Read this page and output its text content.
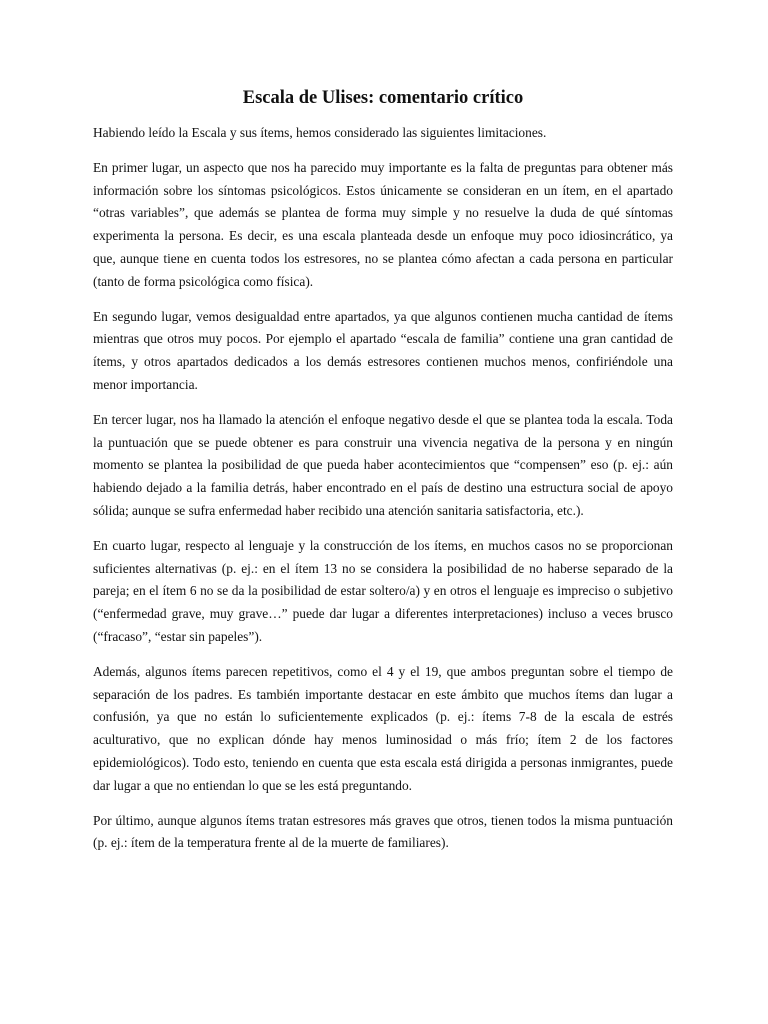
Escala de Ulises: comentario crítico

Habiendo leído la Escala y sus ítems, hemos considerado las siguientes limitaciones.

En primer lugar, un aspecto que nos ha parecido muy importante es la falta de preguntas para obtener más información sobre los síntomas psicológicos. Estos únicamente se consideran en un ítem, en el apartado “otras variables”, que además se plantea de forma muy simple y no resuelve la duda de qué síntomas experimenta la persona. Es decir, es una escala planteada desde un enfoque muy poco idiosincrático, ya que, aunque tiene en cuenta todos los estresores, no se plantea cómo afectan a cada persona en particular (tanto de forma psicológica como física).

En segundo lugar, vemos desigualdad entre apartados, ya que algunos contienen mucha cantidad de ítems mientras que otros muy pocos. Por ejemplo el apartado “escala de familia” contiene una gran cantidad de ítems, y otros apartados dedicados a los demás estresores contienen muchos menos, confiriéndole una menor importancia.

En tercer lugar, nos ha llamado la atención el enfoque negativo desde el que se plantea toda la escala. Toda la puntuación que se puede obtener es para construir una vivencia negativa de la persona y en ningún momento se plantea la posibilidad de que pueda haber acontecimientos que “compensen” eso (p. ej.: aún habiendo dejado a la familia detrás, haber encontrado en el país de destino una estructura social de apoyo sólida; aunque se sufra enfermedad haber recibido una atención sanitaria satisfactoria, etc.).

En cuarto lugar, respecto al lenguaje y la construcción de los ítems, en muchos casos no se proporcionan suficientes alternativas (p. ej.: en el ítem 13 no se considera la posibilidad de no haberse separado de la pareja; en el ítem 6 no se da la posibilidad de estar soltero/a) y en otros el lenguaje es impreciso o subjetivo (“enfermedad grave, muy grave…” puede dar lugar a diferentes interpretaciones) incluso a veces brusco (“fracaso”, “estar sin papeles”).

Además, algunos ítems parecen repetitivos, como el 4 y el 19, que ambos preguntan sobre el tiempo de separación de los padres. Es también importante destacar en este ámbito que muchos ítems dan lugar a confusión, ya que no están lo suficientemente explicados (p. ej.: ítems 7-8 de la escala de estrés aculturativo, que no explican dónde hay menos luminosidad o más frío; ítem 2 de los factores epidemiológicos). Todo esto, teniendo en cuenta que esta escala está dirigida a personas inmigrantes, puede dar lugar a que no entiendan lo que se les está preguntando.

Por último, aunque algunos ítems tratan estresores más graves que otros, tienen todos la misma puntuación (p. ej.: ítem de la temperatura frente al de la muerte de familiares).
